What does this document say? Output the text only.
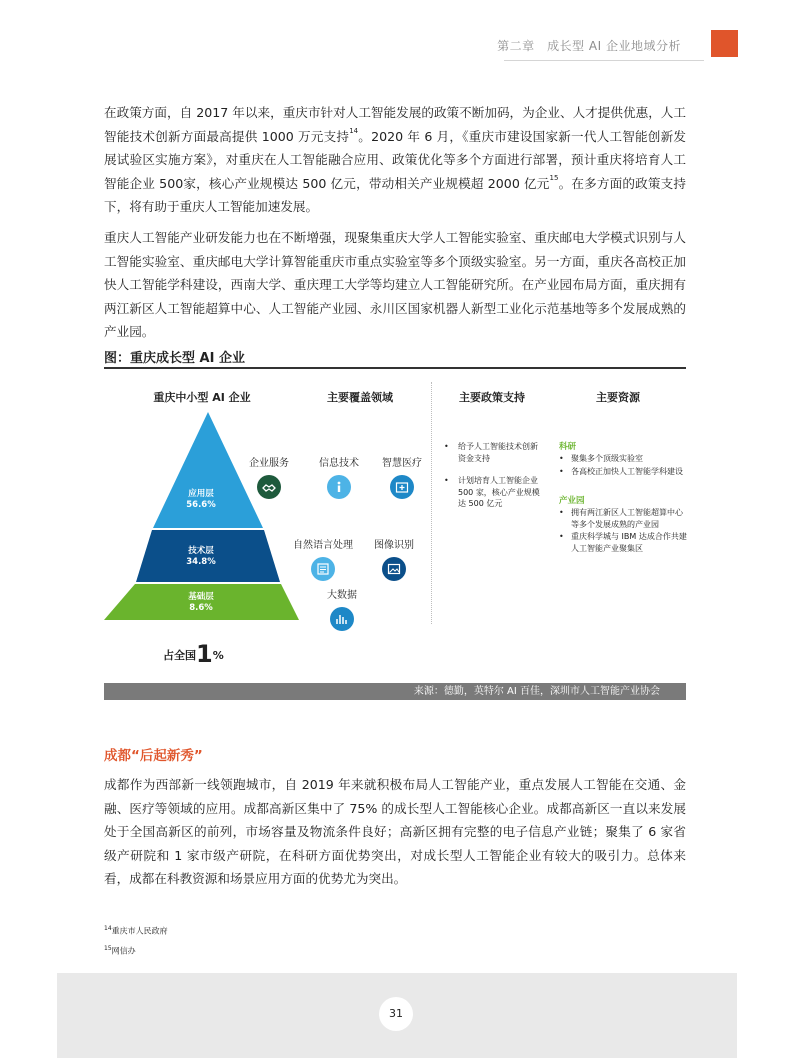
第二章　成长型 AI 企业地域分析

在政策方面，自 2017 年以来，重庆市针对人工智能发展的政策不断加码，为企业、人才提供优惠，人工智能技术创新方面最高提供 1000 万元支持$^{14}$。2020 年 6 月，《重庆市建设国家新一代人工智能创新发展试验区实施方案》，对重庆在人工智能融合应用、政策优化等多个方面进行部署，预计重庆将培育人工智能企业 500家，核心产业规模达 500 亿元，带动相关产业规模超 2000 亿元$^{15}$。在多方面的政策支持下，将有助于重庆人工智能加速发展。

重庆人工智能产业研发能力也在不断增强，现聚集重庆大学人工智能实验室、重庆邮电大学模式识别与人工智能实验室、重庆邮电大学计算智能重庆市重点实验室等多个顶级实验室。另一方面，重庆各高校正加快人工智能学科建设，西南大学、重庆理工大学等均建立人工智能研究所。在产业园布局方面，重庆拥有两江新区人工智能超算中心、人工智能产业园、永川区国家机器人新型工业化示范基地等多个发展成熟的产业园。

图：重庆成长型 AI 企业
重庆中小型 AI 企业	主要覆盖领域	主要政策支持	主要资源
应用层
56.6%
技术层
34.8%
基础层
8.6%
占全国1%
企业服务	信息技术	智慧医疗
自然语言处理	图像识别
大数据
• 给予人工智能技术创新资金支持
• 计划培育人工智能企业 500 家，核心产业规模达 500 亿元
科研
• 聚集多个顶级实验室
• 各高校正加快人工智能学科建设
产业园
• 拥有两江新区人工智能超算中心等多个发展成熟的产业园
• 重庆科学城与 IBM 达成合作共建人工智能产业聚集区
来源：德勤，英特尔 AI 百佳，深圳市人工智能产业协会
成都“后起新秀”

成都作为西部新一线领跑城市，自 2019 年来就积极布局人工智能产业，重点发展人工智能在交通、金融、医疗等领域的应用。成都高新区集中了 75% 的成长型人工智能核心企业。成都高新区一直以来发展处于全国高新区的前列，市场容量及物流条件良好；高新区拥有完整的电子信息产业链；聚集了 6 家省级产研院和 1 家市级产研院，在科研方面优势突出，对成长型人工智能企业有较大的吸引力。总体来看，成都在科教资源和场景应用方面的优势尤为突出。

$^{14}$重庆市人民政府
$^{15}$网信办
31
